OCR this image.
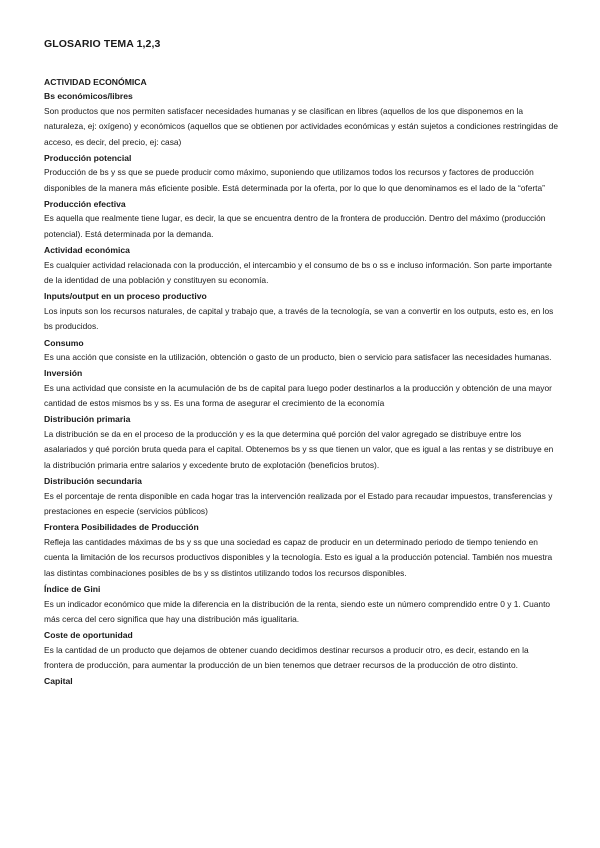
GLOSARIO TEMA 1,2,3
ACTIVIDAD ECONÓMICA
Bs económicos/libres
Son productos que nos permiten satisfacer necesidades humanas y se clasifican en libres (aquellos de los que disponemos en la naturaleza, ej: oxígeno) y económicos (aquellos que se obtienen por actividades económicas y están sujetos a condiciones restringidas de acceso, es decir, del precio, ej: casa)
Producción potencial
Producción de bs y ss que se puede producir como máximo, suponiendo que utilizamos todos los recursos y factores de producción disponibles de la manera más eficiente posible. Está determinada por la oferta, por lo que lo que denominamos es el lado de la “oferta”
Producción efectiva
Es aquella que realmente tiene lugar, es decir, la que se encuentra dentro de la frontera de producción. Dentro del máximo (producción potencial). Está determinada por la demanda.
Actividad económica
Es cualquier actividad relacionada con la producción, el intercambio y el consumo de bs o ss e incluso información. Son parte importante de la identidad de una población y constituyen su economía.
Inputs/output en un proceso productivo
Los inputs son los recursos naturales, de capital y trabajo que, a través de la tecnología, se van a convertir en los outputs, esto es, en los bs producidos.
Consumo
Es una acción que consiste en la utilización, obtención o gasto de un producto, bien o servicio para satisfacer las necesidades humanas.
Inversión
Es una actividad que consiste en la acumulación de bs de capital para luego poder destinarlos a la producción y obtención de una mayor cantidad de estos mismos bs y ss. Es una forma de asegurar el crecimiento de la economía
Distribución primaria
La distribución se da en el proceso de la producción y es la que determina qué porción del valor agregado se distribuye entre los asalariados y qué porción bruta queda para el capital. Obtenemos bs y ss que tienen un valor, que es igual a las rentas y se distribuye en la distribución primaria entre salarios y excedente bruto de explotación (beneficios brutos).
Distribución secundaria
Es el porcentaje de renta disponible en cada hogar tras la intervención realizada por el Estado para recaudar impuestos, transferencias y prestaciones en especie (servicios públicos)
Frontera Posibilidades de Producción
Refleja las cantidades máximas de bs y ss que una sociedad es capaz de producir en un determinado periodo de tiempo teniendo en cuenta la limitación de los recursos productivos disponibles y la tecnología. Esto es igual a la producción potencial. También nos muestra las distintas combinaciones posibles de bs y ss distintos utilizando todos los recursos disponibles.
Índice de Gini
Es un indicador económico que mide la diferencia en la distribución de la renta, siendo este un número comprendido entre 0 y 1. Cuanto más cerca del cero significa que hay una distribución más igualitaria.
Coste de oportunidad
Es la cantidad de un producto que dejamos de obtener cuando decidimos destinar recursos a producir otro, es decir, estando en la frontera de producción, para aumentar la producción de un bien tenemos que detraer recursos de la producción de otro distinto.
Capital
